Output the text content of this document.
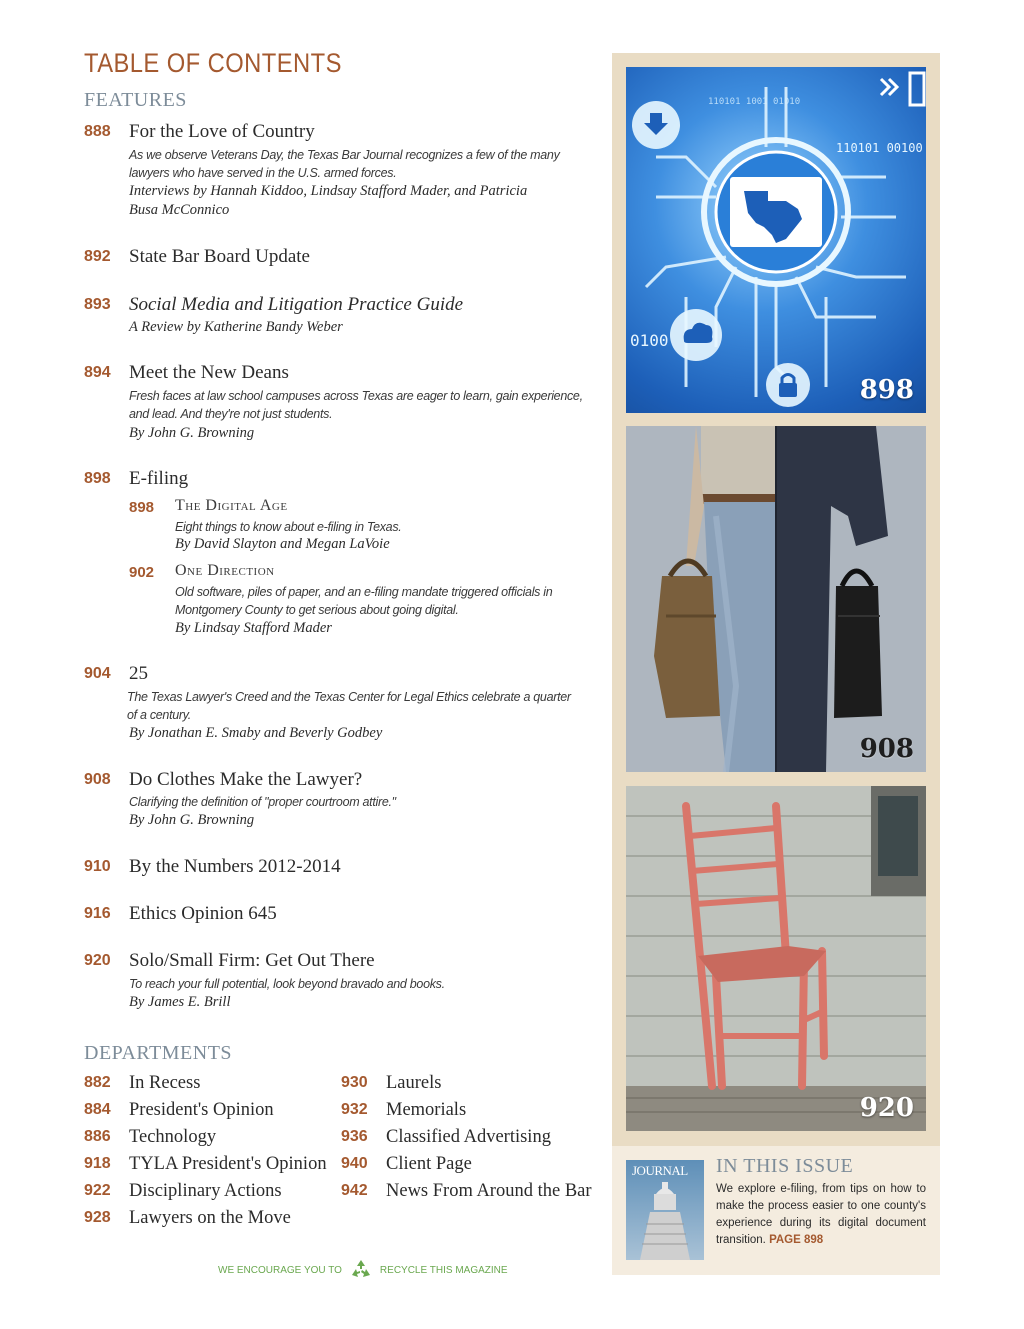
TABLE OF CONTENTS
FEATURES
888 For the Love of Country
As we observe Veterans Day, the Texas Bar Journal recognizes a few of the many lawyers who have served in the U.S. armed forces.
Interviews by Hannah Kiddoo, Lindsay Stafford Mader, and Patricia Busa McConnico
892 State Bar Board Update
893 Social Media and Litigation Practice Guide
A Review by Katherine Bandy Weber
894 Meet the New Deans
Fresh faces at law school campuses across Texas are eager to learn, gain experience, and lead. And they're not just students.
By John G. Browning
898 E-filing
898 The Digital Age
Eight things to know about e-filing in Texas.
By David Slayton and Megan LaVoie
902 One Direction
Old software, piles of paper, and an e-filing mandate triggered officials in Montgomery County to get serious about going digital.
By Lindsay Stafford Mader
904 25
The Texas Lawyer's Creed and the Texas Center for Legal Ethics celebrate a quarter of a century.
By Jonathan E. Smaby and Beverly Godbey
908 Do Clothes Make the Lawyer?
Clarifying the definition of "proper courtroom attire."
By John G. Browning
910 By the Numbers 2012-2014
916 Ethics Opinion 645
920 Solo/Small Firm: Get Out There
To reach your full potential, look beyond bravado and books.
By James E. Brill
DEPARTMENTS
882 In Recess
884 President's Opinion
886 Technology
918 TYLA President's Opinion
922 Disciplinary Actions
928 Lawyers on the Move
930 Laurels
932 Memorials
936 Classified Advertising
940 Client Page
942 News From Around the Bar
WE ENCOURAGE YOU TO	RECYCLE THIS MAGAZINE
110101 1001 01010
110101 00100
0100
898
908
920
JOURNAL IN THIS ISSUE
We explore e-filing, from tips on how to make the process easier to one county's experience during its digital document transition. PAGE 898
